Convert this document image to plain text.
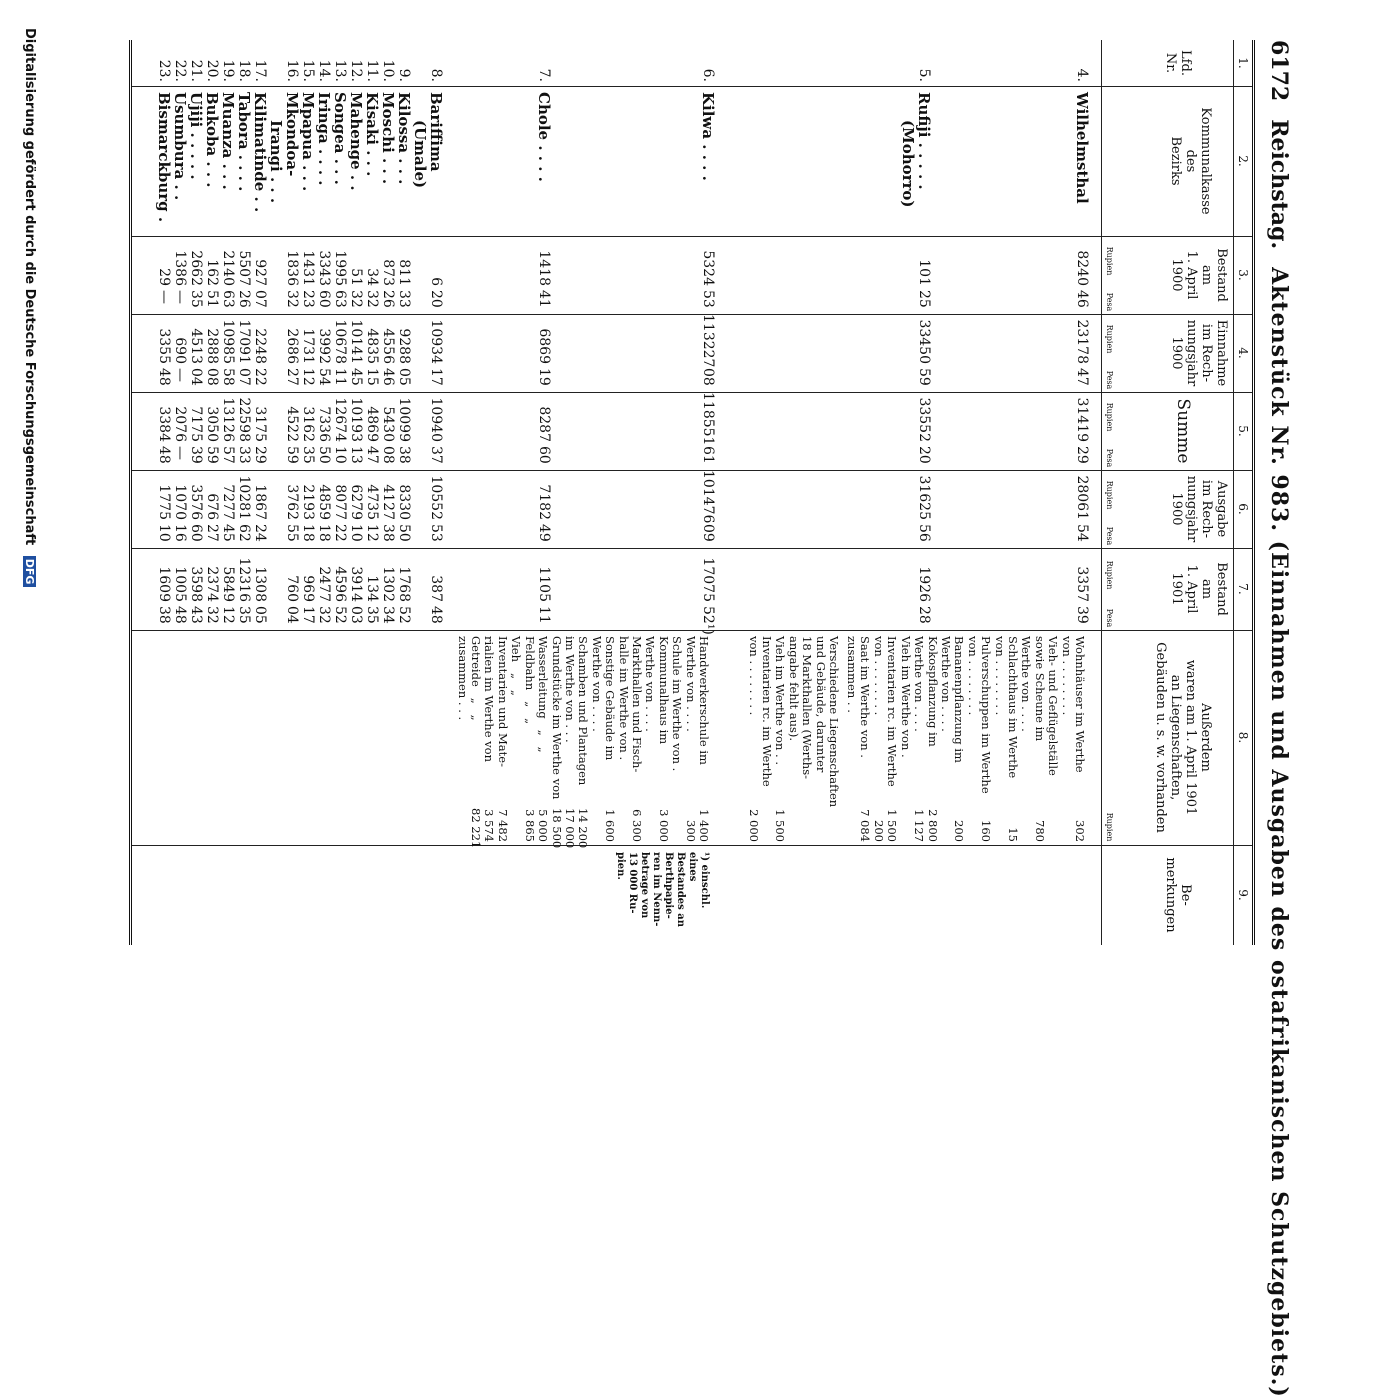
6172
Reichstag.
Aktenstück Nr. 983. (Einnahmen und Ausgaben des ostafrikanischen Schutzgebiets.)
1.
2.
3.
4.
5.
6.
7.
8.
9.
Lfd.
Nr.
Kommunalkasse
des
Bezirks
Bestand
am
1. April
1900
Einnahme
im Rech-
nungsjahr
1900
Summe
Ausgabe
im Rech-
nungsjahr
1900
Bestand
am
1. April
1901
Außerdem
waren am 1. April 1901
an Liegenschaften,
Gebäuden u. s. w. vorhanden
Be-
merkungen
Rupien
Pesa
Rupien
Pesa
Rupien
Pesa
Rupien
Pesa
Rupien
Pesa
Rupien
4.
Wilhelmsthal
8240
46
23178
47
31419
29
28061
54
3357
39
5.
Rufiji . . . . .
(Mohorro)
101
25
33450
59
33552
20
31625
56
1926
28
6.
Kilwa . . . .
5324
53
113227
08
118551
61
101476
09
17075
52¹)
7.
Chole . . . .
1418
41
6869
19
8287
60
7182
49
1105
11
8.
Bariffima
(Umale)
6
20
10934
17
10940
37
10552
53
387
48
9.
Kilossa . . .
811
33
9288
05
10099
38
8330
50
1768
52
10.
Moschi . . .
873
26
4556
46
5430
08
4127
38
1302
34
11.
Kisaki . . .
34
32
4835
15
4869
47
4735
12
134
35
12.
Mahenge . .
51
32
10141
45
10193
13
6279
10
3914
03
13.
Songea . . .
1995
63
10678
11
12674
10
8077
22
4596
52
14.
Iringa . . . .
3343
60
3992
54
7336
50
4859
18
2477
32
15.
Mpapua . . .
1431
23
1731
12
3162
35
2193
18
969
17
16.
Mkondoa-
Irangi . . .
1836
32
2686
27
4522
59
3762
55
760
04
17.
Kilimatinde . .
927
07
2248
22
3175
29
1867
24
1308
05
18.
Tabora . . . .
5507
26
17091
07
22598
33
10281
62
12316
35
19.
Muanza . . .
2140
63
10985
58
13126
57
7277
45
5849
12
20.
Bukoba . . .
162
51
2888
08
3050
59
676
27
2374
32
21.
Ujiji . . . . .
2662
35
4513
04
7175
39
3576
60
3598
43
22.
Usumbura . .
1386
—
690
—
2076
—
1070
16
1005
48
23.
Bismarckburg .
29
—
3355
48
3384
48
1775
10
1609
38
Wohnhäuser im Werthe
von . . . . . . . .
Vieh- und Geflügelställe
sowie Scheune im
Werthe von . . . .
Schlachthaus im Werthe
von . . . . . . . .
Pulverschuppen im Werthe
von . . . . . . . .
Bananenpflanzung im
Werthe von . . . .
Kokospflanzung im
Werthe von . . . .
Vieh im Werthe von .
Inventarien rc. im Werthe
von . . . . . . . .
Saat im Werthe von .
zusammen . .
302

780

15

160

200

2 800
1 127

1 500
200
7 084
Handwerkerschule im
Werthe von . . . .
Schule im Werthe von .
Kommunalhaus im
Werthe von . . . .
Markthallen und Fisch-
halle im Werthe von .
Sonstige Gebäude im
Werthe von . . . .
Schamben und Plantagen
im Werthe von . . .
Grundstücke im Werthe von
Wasserleitung   „   „
Feldbahn   „   „
Vieh   „   „
Inventarien und Mate-
rialien im Werthe von
Getreide   „   „
zusammen . . .
1 400
300

3 000

6 300

1 600

14 200
17 000
18 500
5 000
3 865

7 482
3 574
82 221
Verschiedene Liegenschaften
und Gebäude, darunter
18 Markthallen (Werths-
angabe fehlt aus).
Vieh im Werthe von . .
Inventarien rc. im Werthe
von . . . . . . . .

1 500

2 000
¹) einschl. eines
Bestandes an
Berthpapie-
ren im Nenn-
betrage von
13 000 Ru-
pien.
Digitalisierung gefördert durch die Deutsche Forschungsgemeinschaft DFG
